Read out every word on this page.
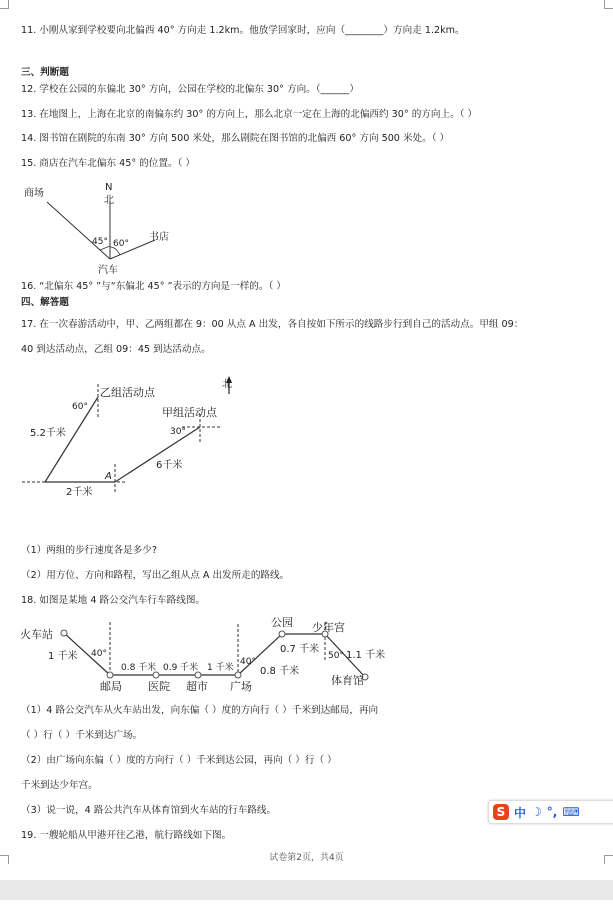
11. 小刚从家到学校要向北偏西 40° 方向走 1.2km。他放学回家时，应向（________）方向走 1.2km。
三、判断题
12. 学校在公园的东偏北 30° 方向，公园在学校的北偏东 30° 方向。（______）
13. 在地图上，上海在北京的南偏东约 30° 的方向上，那么北京一定在上海的北偏西约 30° 的方向上。（ ）
14. 图书馆在剧院的东南 30° 方向 500 米处，那么剧院在图书馆的北偏西 60° 方向 500 米处。（ ）
15. 商店在汽车北偏东 45° 的位置。（ ）
商场
N
北
45° 60°
书店
汽车
16. “北偏东 45° ”与“东偏北 45° ”表示的方向是一样的。（ ）
四、解答题
17. 在一次春游活动中，甲、乙两组都在 9：00 从点 A 出发，各自按如下所示的线路步行到自己的活动点。甲组 09：
40 到达活动点，乙组 09：45 到达活动点。
北
乙组活动点
甲组活动点
60°
30°
5.2千米
2千米
6千米
A
（1）两组的步行速度各是多少?
（2）用方位、方向和路程，写出乙组从点 A 出发所走的路线。
18. 如图是某地 4 路公交汽车行车路线图。
火车站
1 千米 40°
邮局
0.8 千米
医院
0.9 千米
超市
1 千米
40°
广场
0.8 千米
公园
0.7 千米
少年宫
50° 1.1 千米
体育馆
（1）4 路公交汽车从火车站出发，向东偏（ ）度的方向行（ ）千米到达邮局，再向
（ ）行（ ）千米到达广场。
（2）由广场向东偏（ ）度的方向行（ ）千米到达公园，再向（ ）行（ ）
千米到达少年宫。
（3）说一说，4 路公共汽车从体育馆到火车站的行车路线。
19. 一艘轮船从甲港开往乙港，航行路线如下图。
试卷第2页，共4页
S 中 ☽ °, ⌨
